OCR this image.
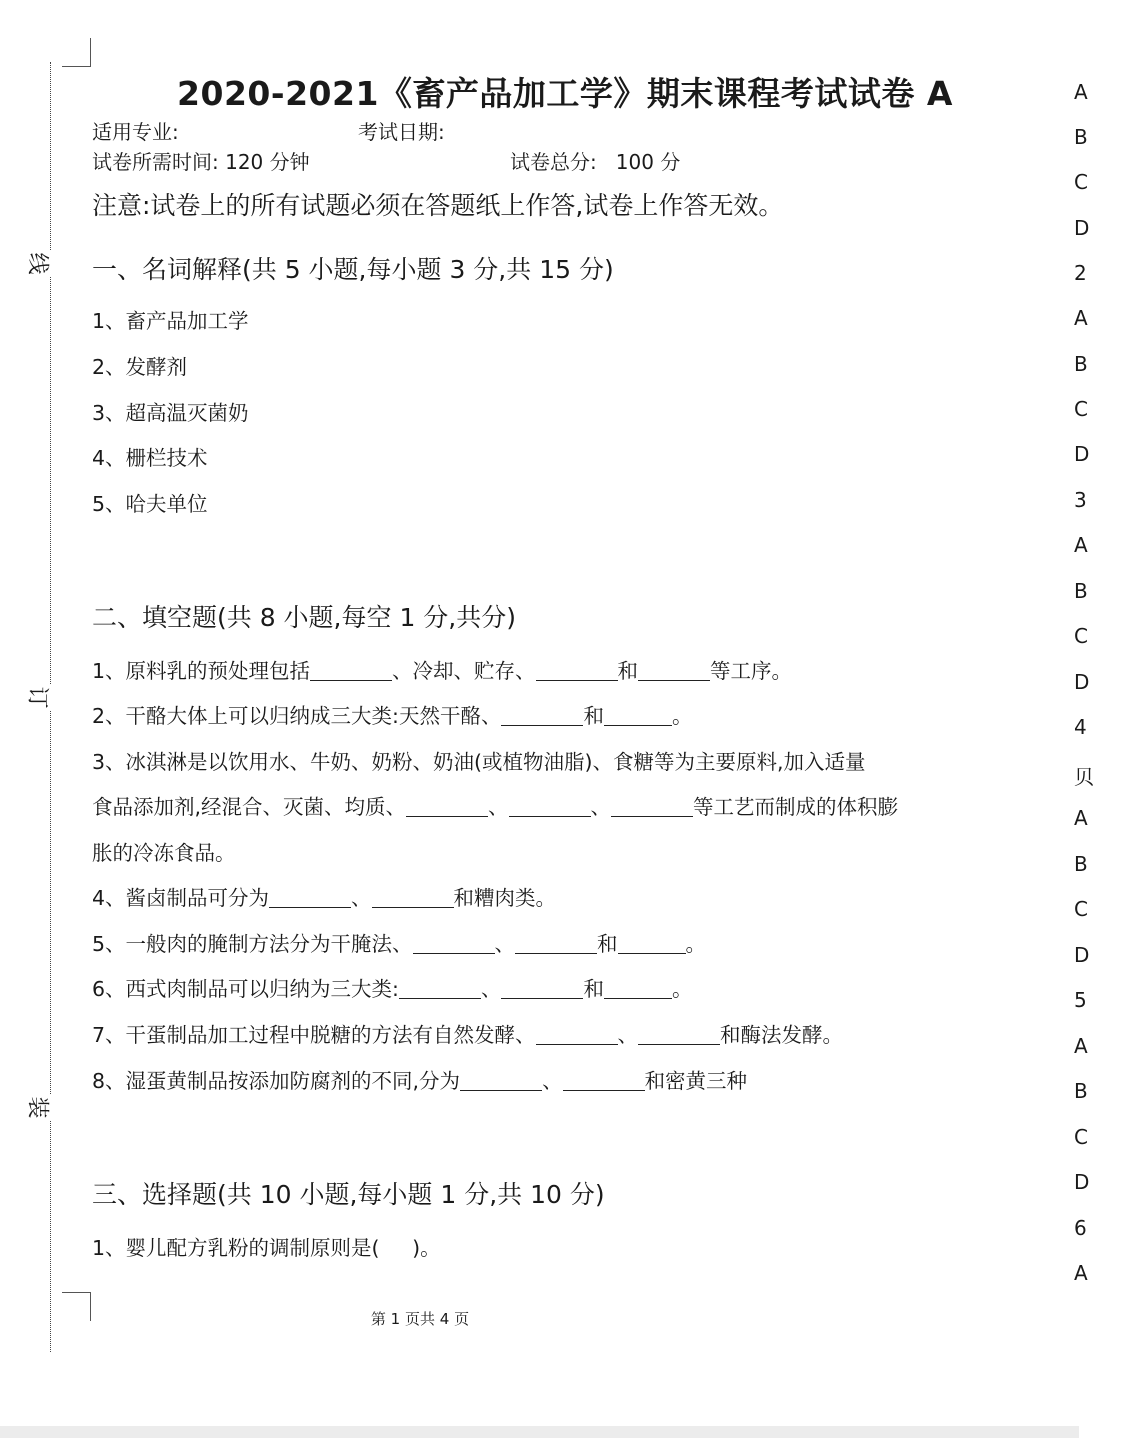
线
订
装
2020-2021《畜产品加工学》期末课程考试试卷 A
适用专业:	考试日期:
试卷所需时间: 120 分钟	试卷总分:   100 分
注意:试卷上的所有试题必须在答题纸上作答,试卷上作答无效。
一、名词解释(共 5 小题,每小题 3 分,共 15 分)
1、畜产品加工学
2、发酵剂
3、超高温灭菌奶
4、栅栏技术
5、哈夫单位
二、填空题(共 8 小题,每空 1 分,共分)
1、原料乳的预处理包括	、冷却、贮存、	和	等工序。
2、干酪大体上可以归纳成三大类:天然干酪、	和	。
3、冰淇淋是以饮用水、牛奶、奶粉、奶油(或植物油脂)、食糖等为主要原料,加入适量
食品添加剂,经混合、灭菌、均质、	、	、	等工艺而制成的体积膨
胀的冷冻食品。
4、酱卤制品可分为	、	和糟肉类。
5、一般肉的腌制方法分为干腌法、	、	和	。
6、西式肉制品可以归纳为三大类:	、	和	。
7、干蛋制品加工过程中脱糖的方法有自然发酵、	、	和酶法发酵。
8、湿蛋黄制品按添加防腐剂的不同,分为	、	和密黄三种
三、选择题(共 10 小题,每小题 1 分,共 10 分)
1、婴儿配方乳粉的调制原则是(     )。
第 1 页共 4 页
A
B
C
D
2
A
B
C
D
3
A
B
C
D
4
贝
A
B
C
D
5
A
B
C
D
6
A
